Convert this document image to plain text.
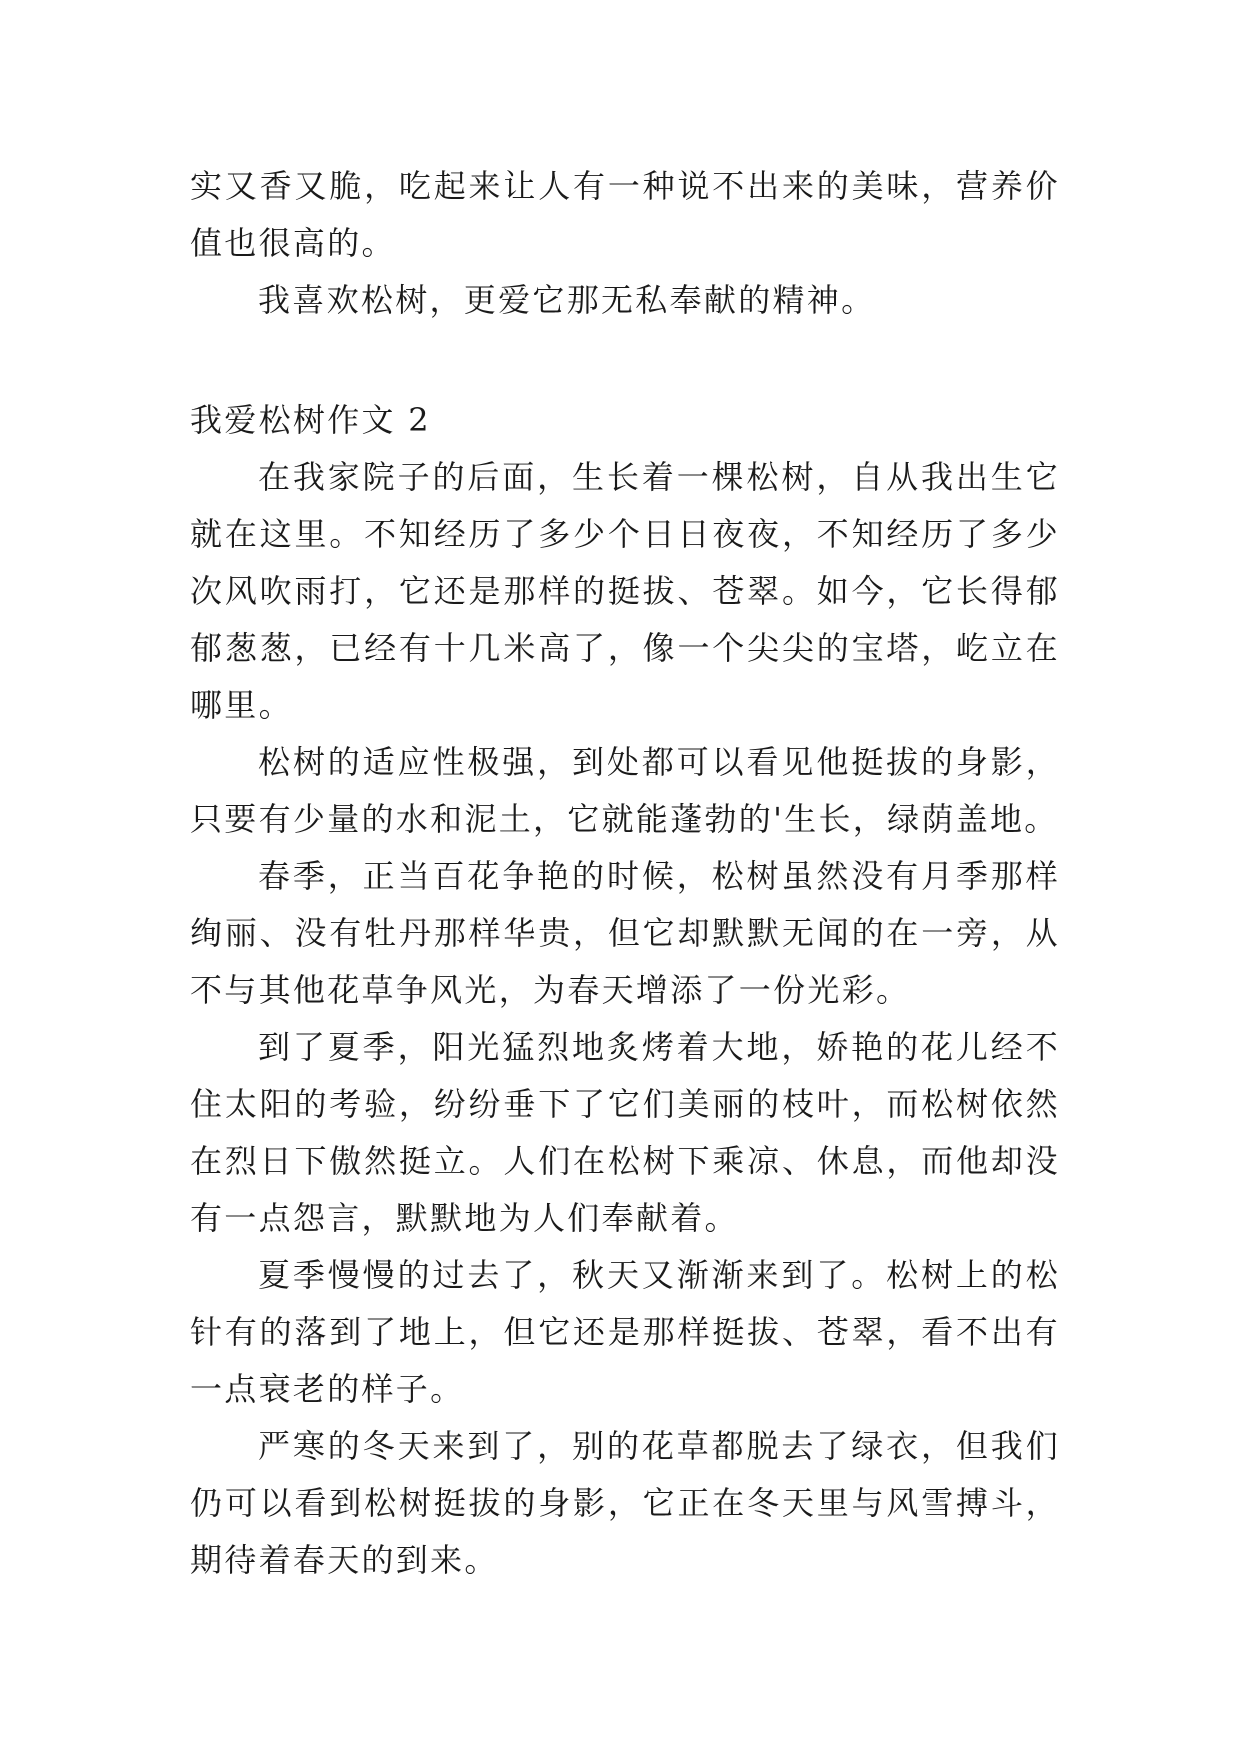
实又香又脆，吃起来让人有一种说不出来的美味，营养价值也很高的。

我喜欢松树，更爱它那无私奉献的精神。

我爱松树作文 2

在我家院子的后面，生长着一棵松树，自从我出生它就在这里。不知经历了多少个日日夜夜，不知经历了多少次风吹雨打，它还是那样的挺拔、苍翠。如今，它长得郁郁葱葱，已经有十几米高了，像一个尖尖的宝塔，屹立在哪里。

松树的适应性极强，到处都可以看见他挺拔的身影，只要有少量的水和泥土，它就能蓬勃的'生长，绿荫盖地。

春季，正当百花争艳的时候，松树虽然没有月季那样绚丽、没有牡丹那样华贵，但它却默默无闻的在一旁，从不与其他花草争风光，为春天增添了一份光彩。

到了夏季，阳光猛烈地炙烤着大地，娇艳的花儿经不住太阳的考验，纷纷垂下了它们美丽的枝叶，而松树依然在烈日下傲然挺立。人们在松树下乘凉、休息，而他却没有一点怨言，默默地为人们奉献着。

夏季慢慢的过去了，秋天又渐渐来到了。松树上的松针有的落到了地上，但它还是那样挺拔、苍翠，看不出有一点衰老的样子。

严寒的冬天来到了，别的花草都脱去了绿衣，但我们仍可以看到松树挺拔的身影，它正在冬天里与风雪搏斗，期待着春天的到来。
